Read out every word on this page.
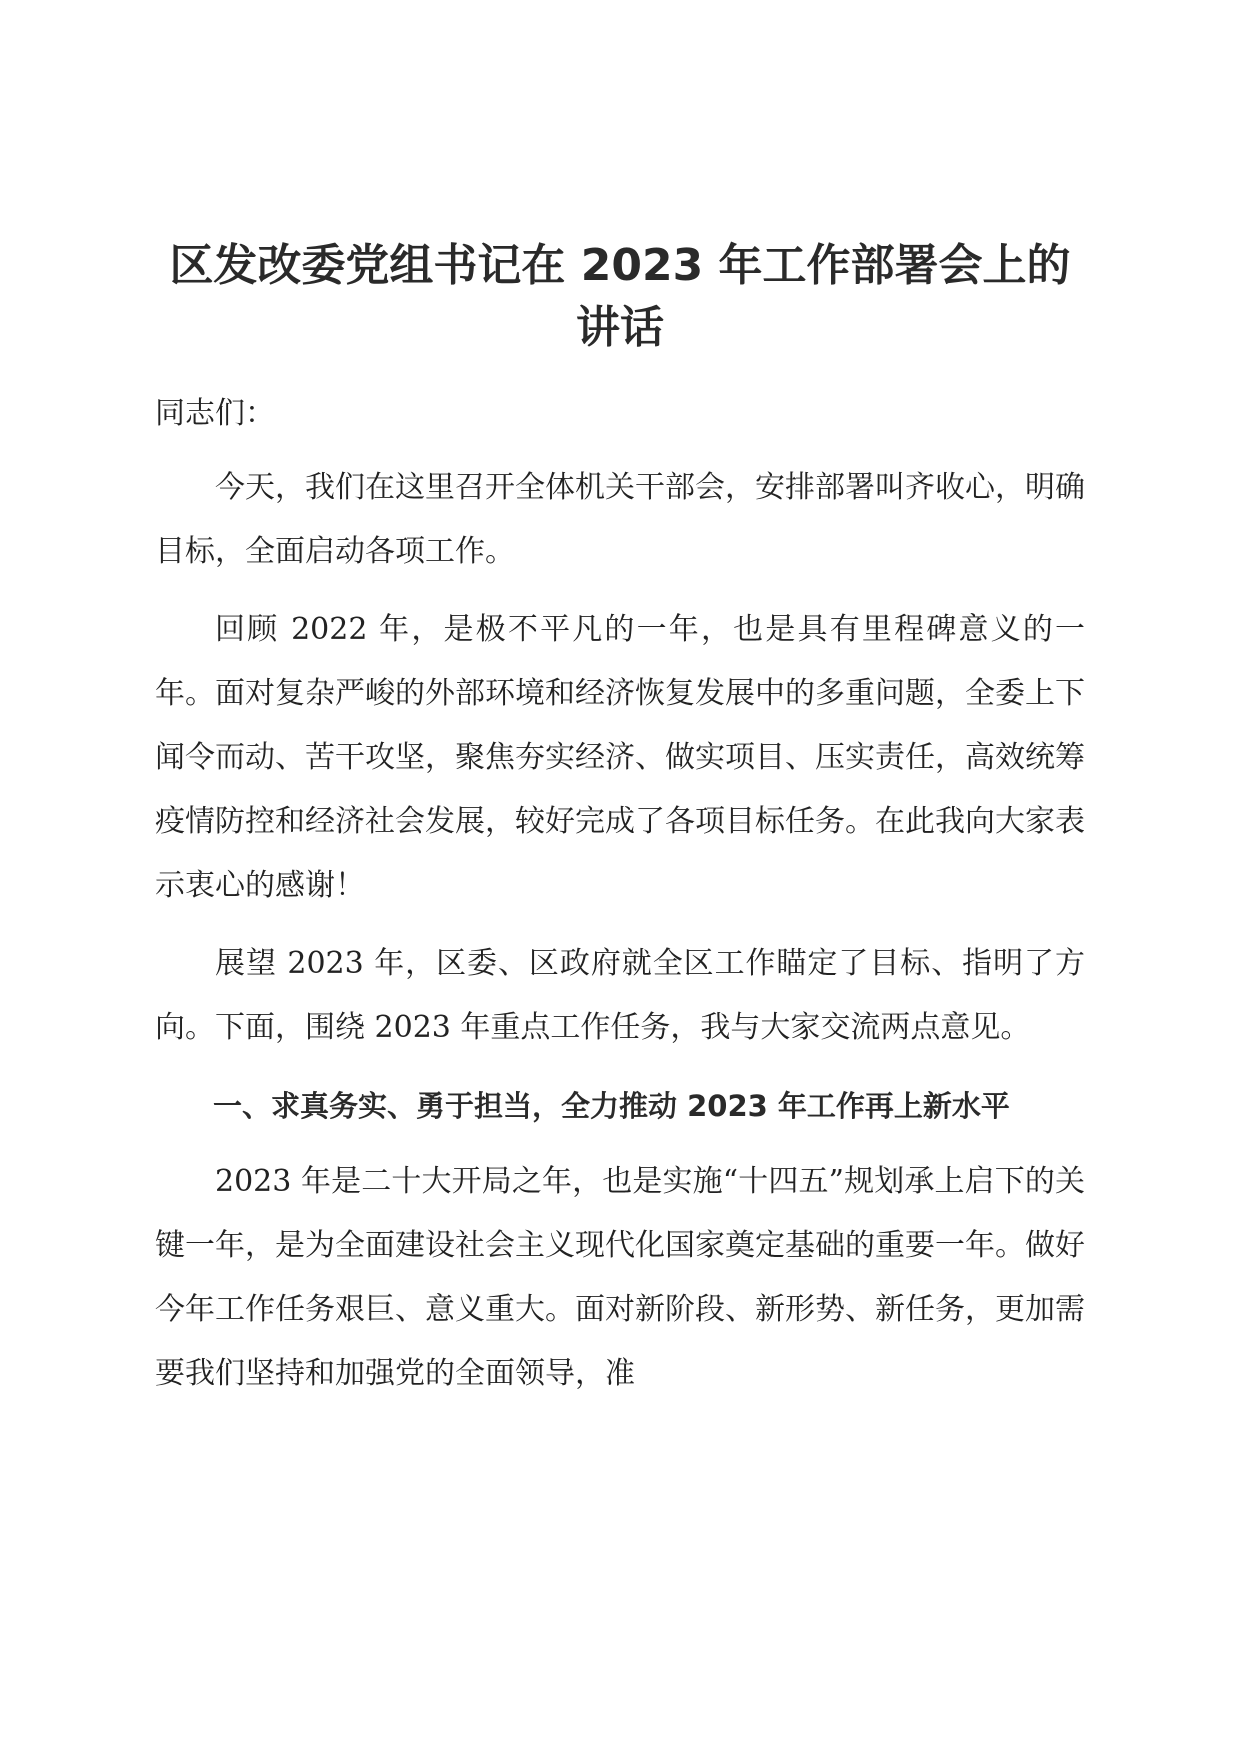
区发改委党组书记在 2023 年工作部署会上的
讲话

同志们：

今天，我们在这里召开全体机关干部会，安排部署叫齐收心，明确目标，全面启动各项工作。

回顾 2022 年，是极不平凡的一年，也是具有里程碑意义的一年。面对复杂严峻的外部环境和经济恢复发展中的多重问题，全委上下闻令而动、苦干攻坚，聚焦夯实经济、做实项目、压实责任，高效统筹疫情防控和经济社会发展，较好完成了各项目标任务。在此我向大家表示衷心的感谢！

展望 2023 年，区委、区政府就全区工作瞄定了目标、指明了方向。下面，围绕 2023 年重点工作任务，我与大家交流两点意见。

一、求真务实、勇于担当，全力推动 2023 年工作再上新水平

2023 年是二十大开局之年，也是实施“十四五”规划承上启下的关键一年，是为全面建设社会主义现代化国家奠定基础的重要一年。做好今年工作任务艰巨、意义重大。面对新阶段、新形势、新任务，更加需要我们坚持和加强党的全面领导，准
